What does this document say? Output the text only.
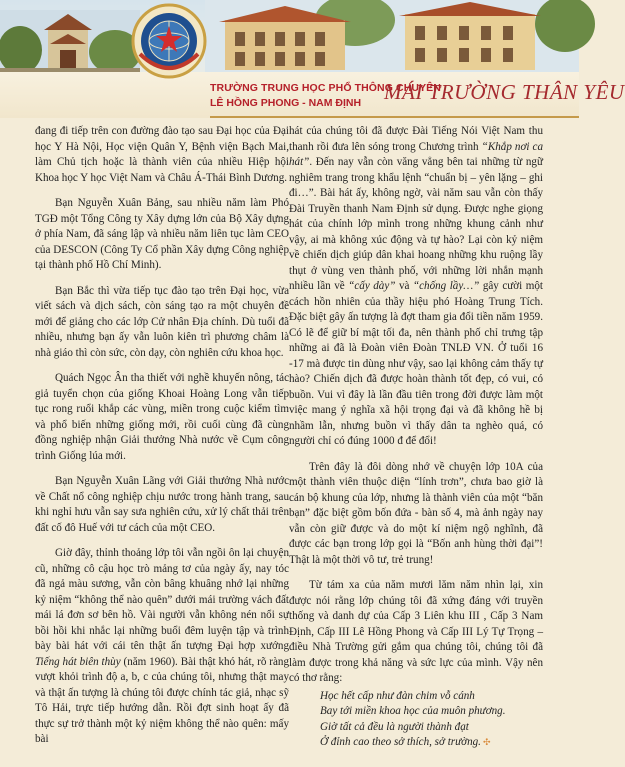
TRƯỜNG TRUNG HỌC PHỔ THÔNG CHUYÊN
LÊ HỒNG PHONG - NAM ĐỊNH MÁI TRƯỜNG THÂN YÊU

đang đi tiếp trên con đường đào tạo sau Đại học của Đại học Y Hà Nội, Học viện Quân Y, Bệnh viện Bạch Mai, làm Chủ tịch hoặc là thành viên của nhiều Hiệp hội Khoa học Y học Việt Nam và Châu Á-Thái Bình Dương.

Bạn Nguyễn Xuân Bảng, sau nhiều năm làm Phó TGĐ một Tổng Công ty Xây dựng lớn của Bộ Xây dựng ở phía Nam, đã sáng lập và nhiều năm liên tục làm CEO của DESCON (Công Ty Cổ phần Xây dựng Công nghiệp tại thành phố Hồ Chí Minh).

Bạn Bắc thì vừa tiếp tục đào tạo trên Đại học, vừa viết sách và dịch sách, còn sáng tạo ra một chuyên đề mới để giảng cho các lớp Cử nhân Địa chính. Dù tuổi đã nhiều, nhưng bạn ấy vẫn luôn kiên trì phương châm là nhà giáo thì còn sức, còn dạy, còn nghiên cứu khoa học.

Quách Ngọc Ân tha thiết với nghề khuyến nông, tác giả tuyển chọn của giống Khoai Hoàng Long vẫn tiếp tục rong ruổi khắp các vùng, miền trong cuộc kiểm tìm và phổ biến những giống mới, rồi cuối cùng đã cùng đồng nghiệp nhận Giải thưởng Nhà nước về Cụm công trình Giống lúa mới.

Bạn Nguyễn Xuân Lãng với Giải thưởng Nhà nước về Chất nổ công nghiệp chịu nước trong hành trang, sau khi nghỉ hưu vẫn say sưa nghiên cứu, xử lý chất thải trên đất cố đô Huế với tư cách của một CEO.

Giờ đây, thỉnh thoảng lớp tôi vẫn ngồi ôn lại chuyện cũ, những cô cậu học trò mảng tơ của ngày ấy, nay tóc đã ngả màu sương, vẫn còn bâng khuâng nhớ lại những kỷ niệm “không thể nào quên” dưới mái trường vách đất mái lá đơn sơ bên hồ. Vài người vẫn không nén nổi sự bồi hồi khi nhắc lại những buổi đêm luyện tập và trình bày bài hát với cái tên thật ấn tượng Đại hợp xướng Tiếng hát biên thùy (năm 1960). Bài thật khó hát, rõ ràng vượt khỏi trình độ a, b, c của chúng tôi, nhưng thật may và thật ấn tượng là chúng tôi được chính tác giả, nhạc sỹ Tô Hải, trực tiếp hướng dẫn. Rồi đợt sinh hoạt ấy đã thực sự trở thành một kỷ niệm không thể nào quên: mấy bài

hát của chúng tôi đã được Đài Tiếng Nói Việt Nam thu thanh rồi đưa lên sóng trong Chương trình “Khắp nơi ca hát”. Đến nay vẫn còn văng vẳng bên tai những từ ngữ nghiêm trang trong khẩu lệnh “chuẩn bị – yên lặng – ghi đi…”. Bài hát ấy, không ngờ, vài năm sau vẫn còn thấy Đài Truyền thanh Nam Định sử dụng. Được nghe giọng hát của chính lớp mình trong những khung cảnh như vậy, ai mà không xúc động và tự hào? Lại còn kỷ niệm về chiến dịch giúp dân khai hoang những khu ruộng lầy thụt ở vùng ven thành phố, với những lời nhắn mạnh nhiều lần về “cấy dày” và “chống lầy…” gây cười một cách hồn nhiên của thầy hiệu phó Hoàng Trung Tích. Đặc biệt gây ấn tượng là đợt tham gia đổi tiền năm 1959. Có lẽ để giữ bí mật tối đa, nên thành phố chỉ trưng tập những ai đã là Đoàn viên Đoàn TNLĐ VN. Ở tuổi 16 -17 mà được tin dùng như vậy, sao lại không cảm thấy tự hào? Chiến dịch đã được hoàn thành tốt đẹp, có vui, có buồn. Vui vì đây là lần đầu tiên trong đời được làm một việc mang ý nghĩa xã hội trọng đại và đã không hề bị nhầm lẫn, nhưng buồn vì thấy dân ta nghèo quá, có người chỉ có đúng 1000 đ để đổi!

Trên đây là đôi dòng nhớ về chuyện lớp 10A của một thành viên thuộc diện “lính trơn”, chưa bao giờ là cán bộ khung của lớp, nhưng là thành viên của một “băn bạn” đặc biệt gồm bốn đứa - bàn số 4, mà ảnh ngày nay vẫn còn giữ được và do một kí niệm ngộ nghĩnh, đã được các bạn trong lớp gọi là “Bốn anh hùng thời đại”! Thật là một thời vô tư, trẻ trung!

Từ tám xa của năm mươi lăm năm nhìn lại, xin được nói rằng lớp chúng tôi đã xứng đáng với truyền thống và danh dự của Cấp 3 Liên khu III , Cấp 3 Nam Định, Cấp III Lê Hồng Phong và Cấp III Lý Tự Trọng – điều Nhà Trường gửi gắm qua chúng tôi, chúng tôi đã làm được trong khả năng và sức lực của mình. Vậy nên có thơ rằng:

Học hết cấp như đàn chim vỗ cánh
Bay tới miền khoa học của muôn phương.
Giờ tất cả đều là người thành đạt
Ở đỉnh cao theo sở thích, sở trường. ✣
